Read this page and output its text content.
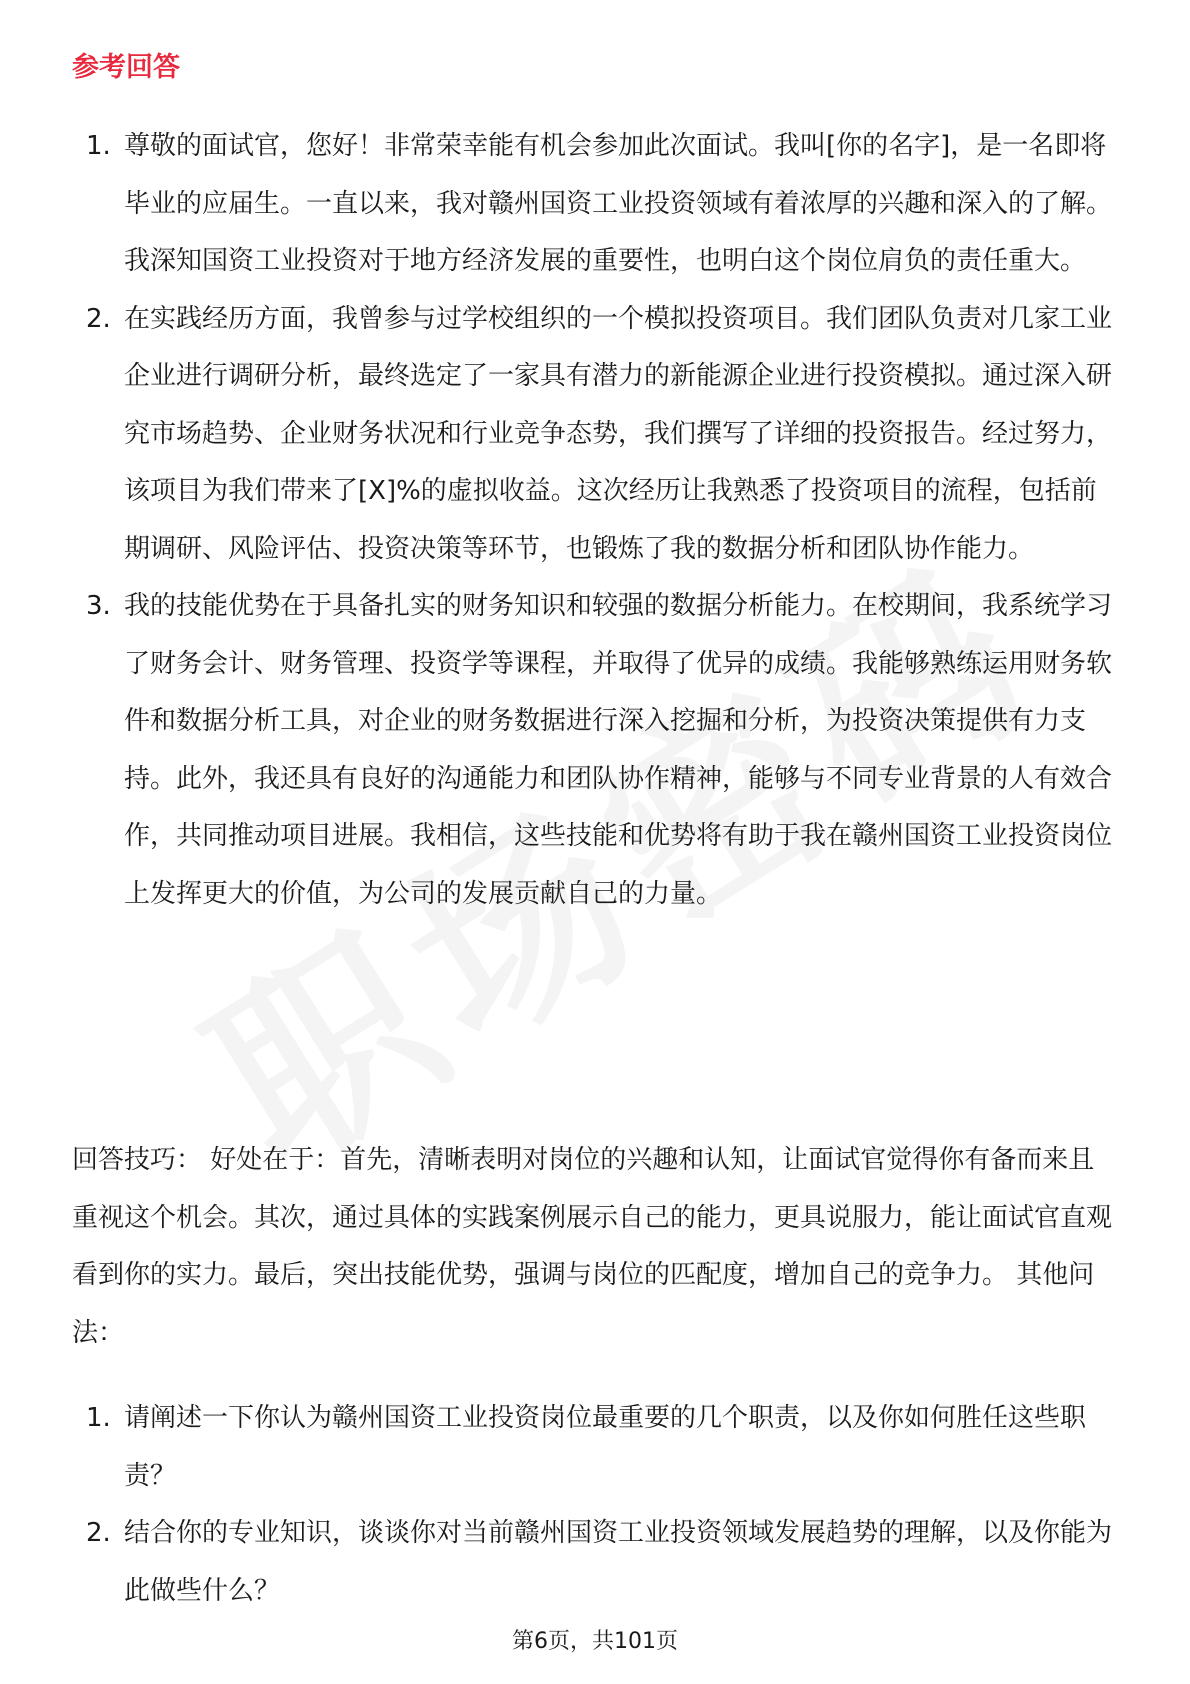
参考回答
1. 尊敬的面试官，您好！非常荣幸能有机会参加此次面试。我叫[你的名字]，是一名即将毕业的应届生。一直以来，我对赣州国资工业投资领域有着浓厚的兴趣和深入的了解。我深知国资工业投资对于地方经济发展的重要性，也明白这个岗位肩负的责任重大。
2. 在实践经历方面，我曾参与过学校组织的一个模拟投资项目。我们团队负责对几家工业企业进行调研分析，最终选定了一家具有潜力的新能源企业进行投资模拟。通过深入研究市场趋势、企业财务状况和行业竞争态势，我们撰写了详细的投资报告。经过努力，该项目为我们带来了[X]%的虚拟收益。这次经历让我熟悉了投资项目的流程，包括前期调研、风险评估、投资决策等环节，也锻炼了我的数据分析和团队协作能力。
3. 我的技能优势在于具备扎实的财务知识和较强的数据分析能力。在校期间，我系统学习了财务会计、财务管理、投资学等课程，并取得了优异的成绩。我能够熟练运用财务软件和数据分析工具，对企业的财务数据进行深入挖掘和分析，为投资决策提供有力支持。此外，我还具有良好的沟通能力和团队协作精神，能够与不同专业背景的人有效合作，共同推动项目进展。我相信，这些技能和优势将有助于我在赣州国资工业投资岗位上发挥更大的价值，为公司的发展贡献自己的力量。
回答技巧： 好处在于：首先，清晰表明对岗位的兴趣和认知，让面试官觉得你有备而来且重视这个机会。其次，通过具体的实践案例展示自己的能力，更具说服力，能让面试官直观看到你的实力。最后，突出技能优势，强调与岗位的匹配度，增加自己的竞争力。 其他问法：
1. 请阐述一下你认为赣州国资工业投资岗位最重要的几个职责，以及你如何胜任这些职责？
2. 结合你的专业知识，谈谈你对当前赣州国资工业投资领域发展趋势的理解，以及你能为此做些什么？
第6页，共101页
